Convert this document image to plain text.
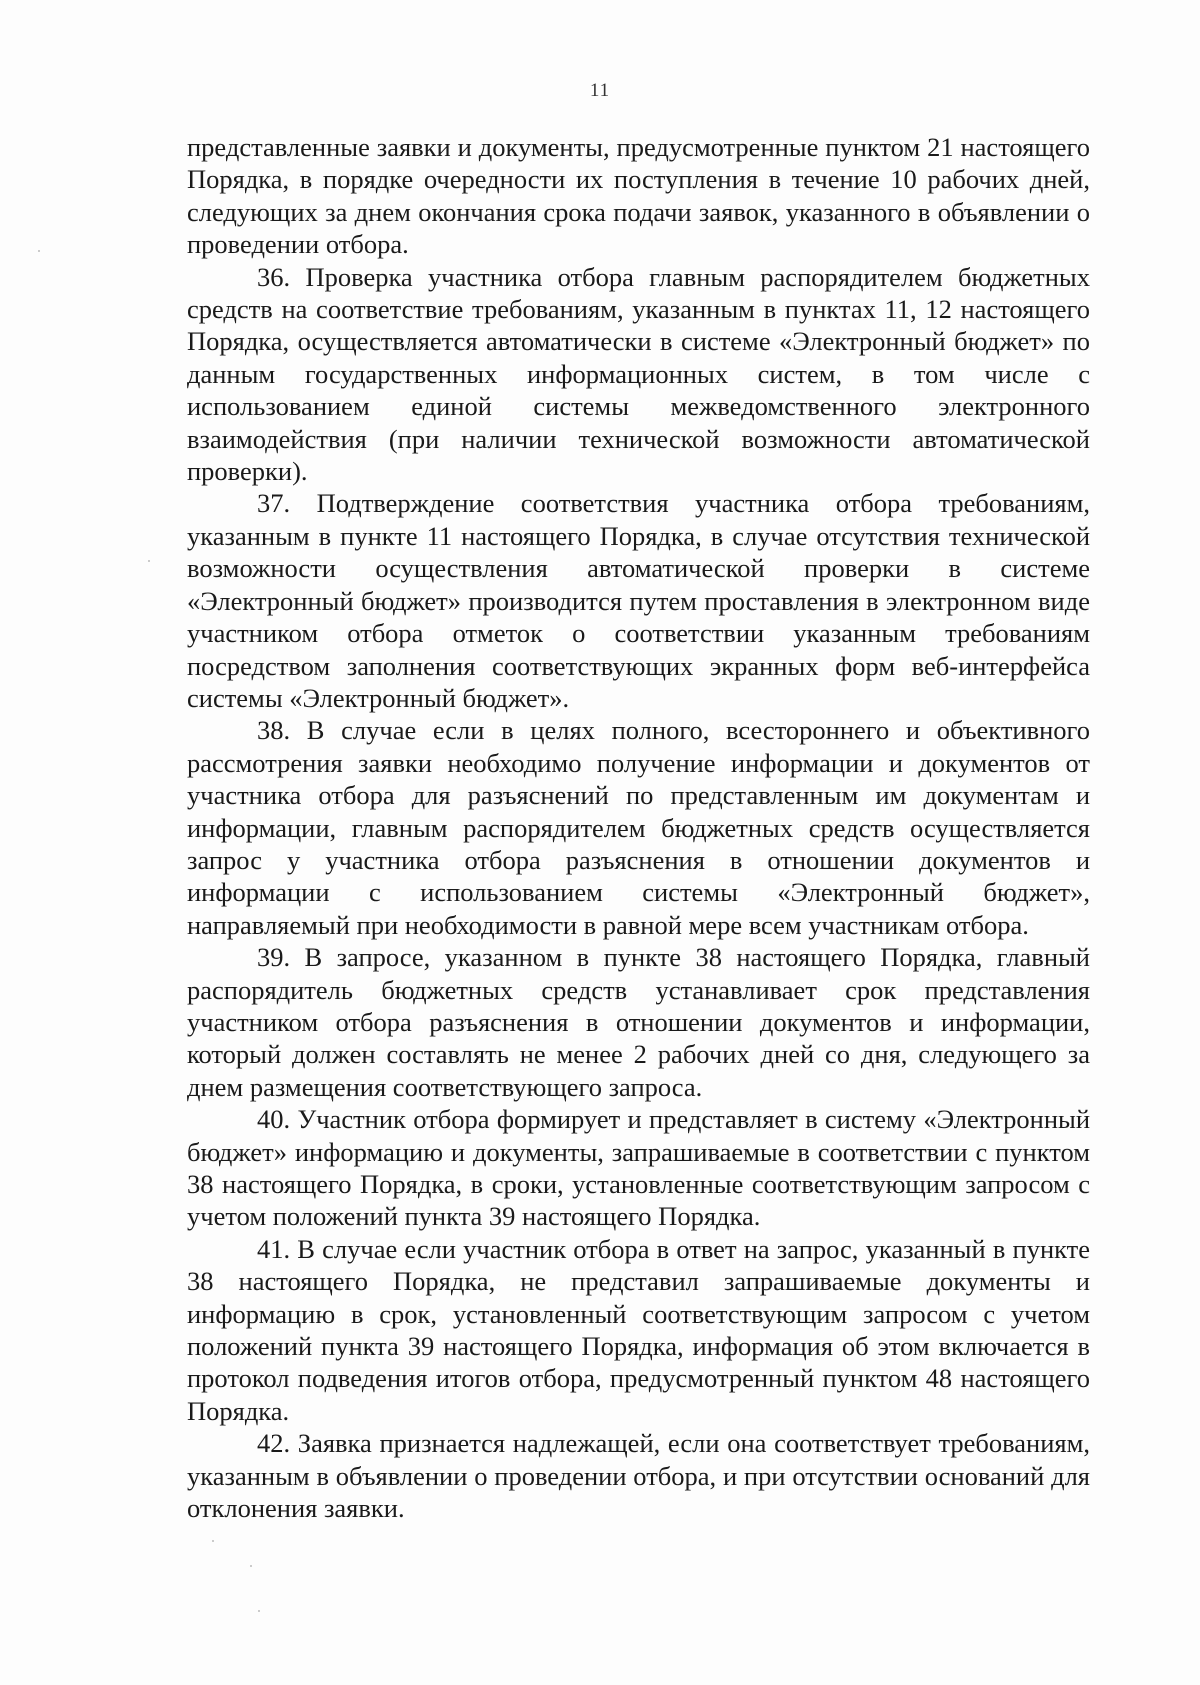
11

представленные заявки и документы, предусмотренные пунктом 21 настоящего Порядка, в порядке очередности их поступления в течение 10 рабочих дней, следующих за днем окончания срока подачи заявок, указанного в объявлении о проведении отбора.

36. Проверка участника отбора главным распорядителем бюджетных средств на соответствие требованиям, указанным в пунктах 11, 12 настоящего Порядка, осуществляется автоматически в системе «Электронный бюджет» по данным государственных информационных систем, в том числе с использованием единой системы межведомственного электронного взаимодействия (при наличии технической возможности автоматической проверки).

37. Подтверждение соответствия участника отбора требованиям, указанным в пункте 11 настоящего Порядка, в случае отсутствия технической возможности осуществления автоматической проверки в системе «Электронный бюджет» производится путем проставления в электронном виде участником отбора отметок о соответствии указанным требованиям посредством заполнения соответствующих экранных форм веб-интерфейса системы «Электронный бюджет».

38. В случае если в целях полного, всестороннего и объективного рассмотрения заявки необходимо получение информации и документов от участника отбора для разъяснений по представленным им документам и информации, главным распорядителем бюджетных средств осуществляется запрос у участника отбора разъяснения в отношении документов и информации с использованием системы «Электронный бюджет», направляемый при необходимости в равной мере всем участникам отбора.

39. В запросе, указанном в пункте 38 настоящего Порядка, главный распорядитель бюджетных средств устанавливает срок представления участником отбора разъяснения в отношении документов и информации, который должен составлять не менее 2 рабочих дней со дня, следующего за днем размещения соответствующего запроса.

40. Участник отбора формирует и представляет в систему «Электронный бюджет» информацию и документы, запрашиваемые в соответствии с пунктом 38 настоящего Порядка, в сроки, установленные соответствующим запросом с учетом положений пункта 39 настоящего Порядка.

41. В случае если участник отбора в ответ на запрос, указанный в пункте 38 настоящего Порядка, не представил запрашиваемые документы и информацию в срок, установленный соответствующим запросом с учетом положений пункта 39 настоящего Порядка, информация об этом включается в протокол подведения итогов отбора, предусмотренный пунктом 48 настоящего Порядка.

42. Заявка признается надлежащей, если она соответствует требованиям, указанным в объявлении о проведении отбора, и при отсутствии оснований для отклонения заявки.
